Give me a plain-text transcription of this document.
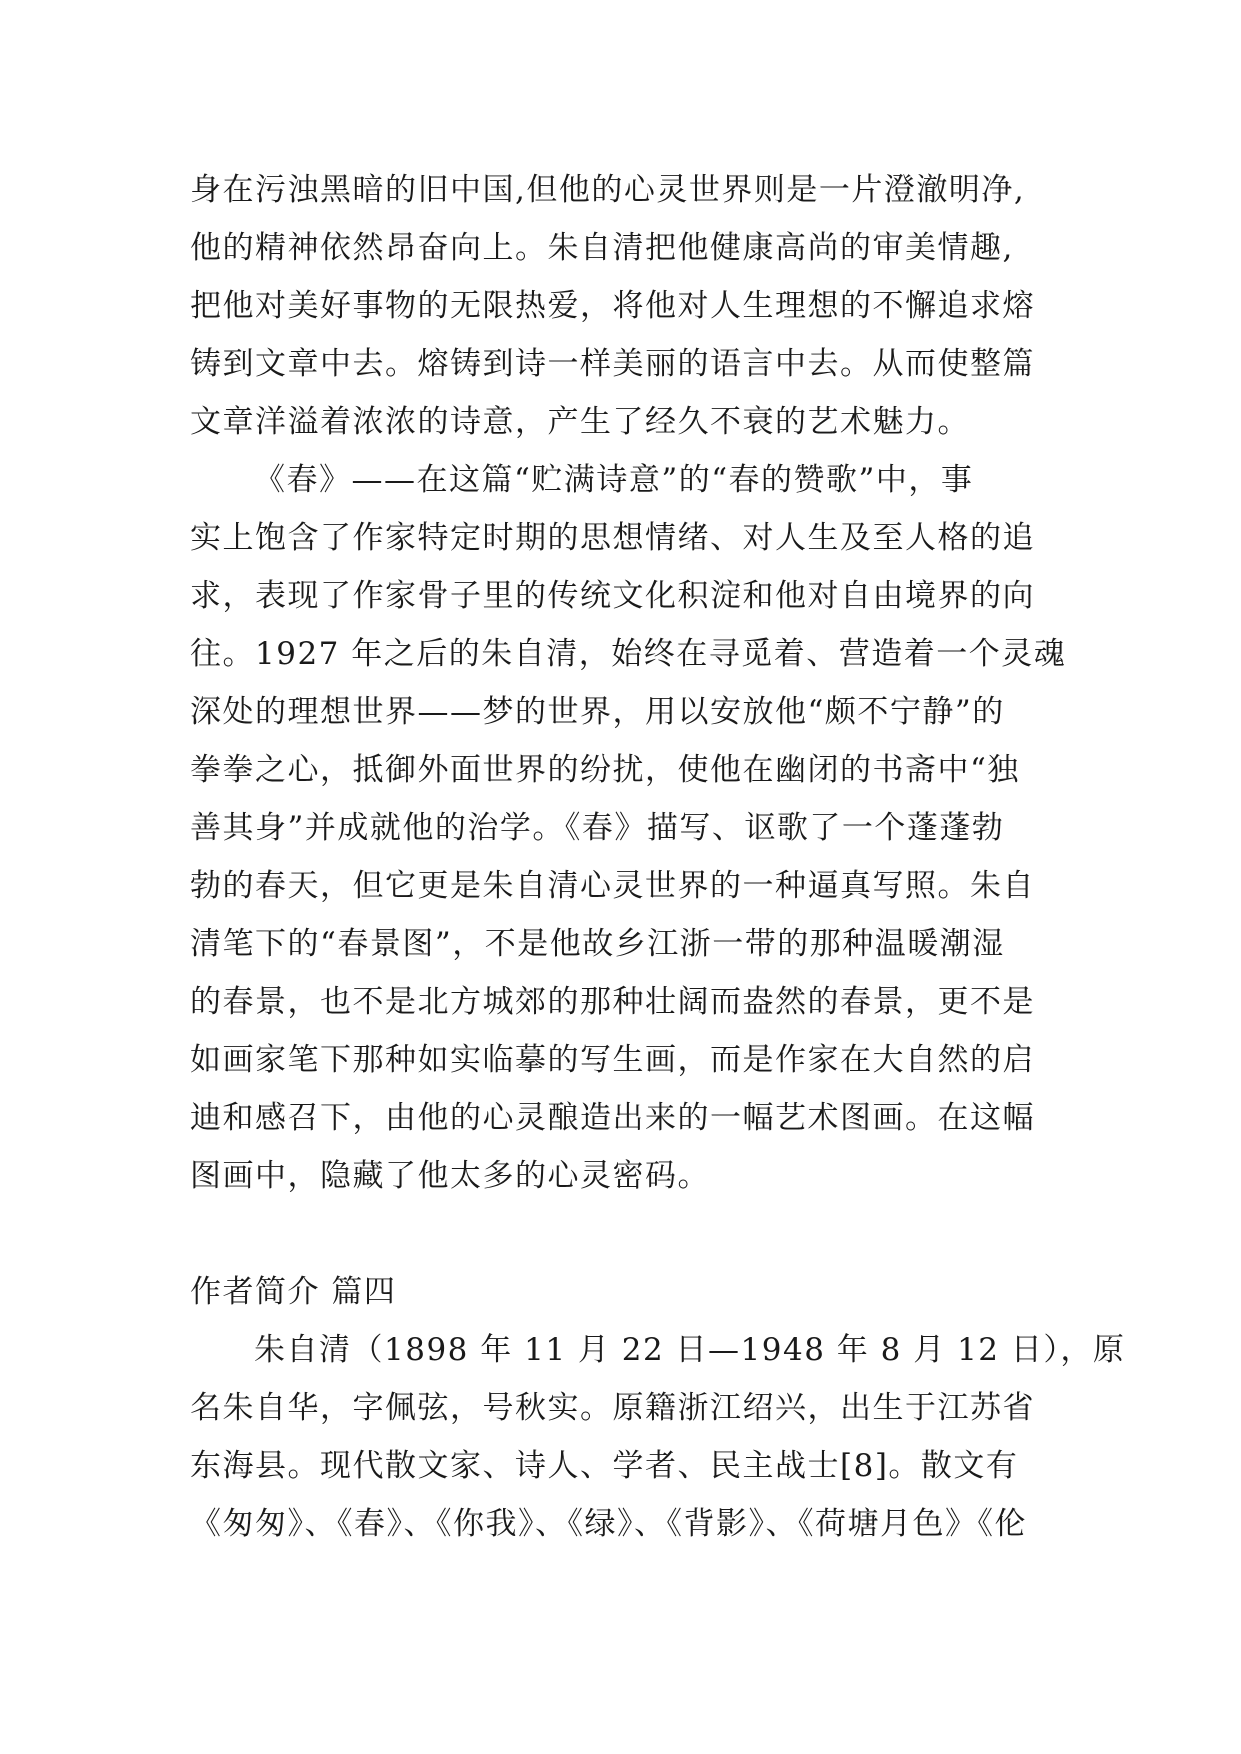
身在污浊黑暗的旧中国,但他的心灵世界则是一片澄澈明净,
他的精神依然昂奋向上。朱自清把他健康高尚的审美情趣,
把他对美好事物的无限热爱，将他对人生理想的不懈追求熔
铸到文章中去。熔铸到诗一样美丽的语言中去。从而使整篇
文章洋溢着浓浓的诗意，产生了经久不衰的艺术魅力。
《春》——在这篇“贮满诗意”的“春的赞歌”中，事
实上饱含了作家特定时期的思想情绪、对人生及至人格的追
求，表现了作家骨子里的传统文化积淀和他对自由境界的向
往。1927 年之后的朱自清，始终在寻觅着、营造着一个灵魂
深处的理想世界——梦的世界，用以安放他“颇不宁静”的
拳拳之心，抵御外面世界的纷扰，使他在幽闭的书斋中“独
善其身”并成就他的治学。《春》描写、讴歌了一个蓬蓬勃
勃的春天，但它更是朱自清心灵世界的一种逼真写照。朱自
清笔下的“春景图”，不是他故乡江浙一带的那种温暖潮湿
的春景，也不是北方城郊的那种壮阔而盎然的春景，更不是
如画家笔下那种如实临摹的写生画，而是作家在大自然的启
迪和感召下，由他的心灵酿造出来的一幅艺术图画。在这幅
图画中，隐藏了他太多的心灵密码。
作者简介 篇四
朱自清（1898 年 11 月 22 日—1948 年 8 月 12 日），原
名朱自华，字佩弦，号秋实。原籍浙江绍兴，出生于江苏省
东海县。现代散文家、诗人、学者、民主战士[8]。散文有
《匆匆》、《春》、《你我》、《绿》、《背影》、《荷塘月色》《伦
